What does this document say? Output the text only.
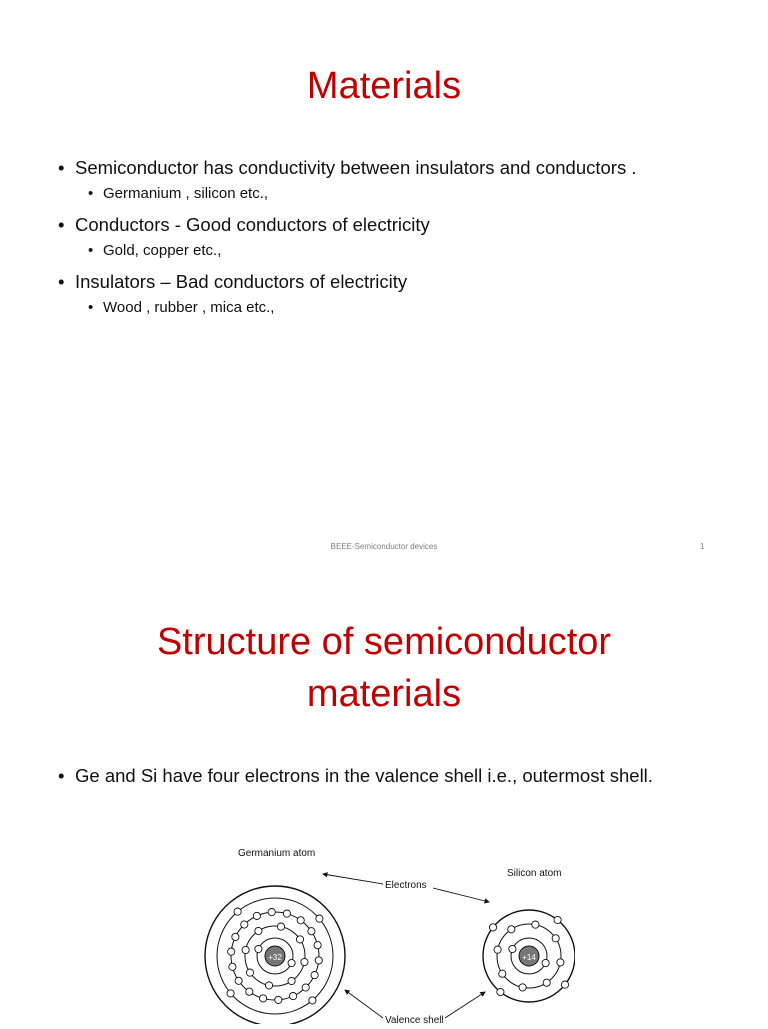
Materials
• Semiconductor has conductivity between insulators and conductors .
• Germanium , silicon etc.,
• Conductors - Good conductors of electricity
• Gold, copper etc.,
• Insulators – Bad conductors of electricity
• Wood , rubber , mica etc.,
BEEE-Semiconductor devices	1
Structure of semiconductor
materials
• Ge and Si have four electrons in the valence shell i.e., outermost shell.
Germanium atom
Silicon atom
Electrons
Valence shell
+32	+14
